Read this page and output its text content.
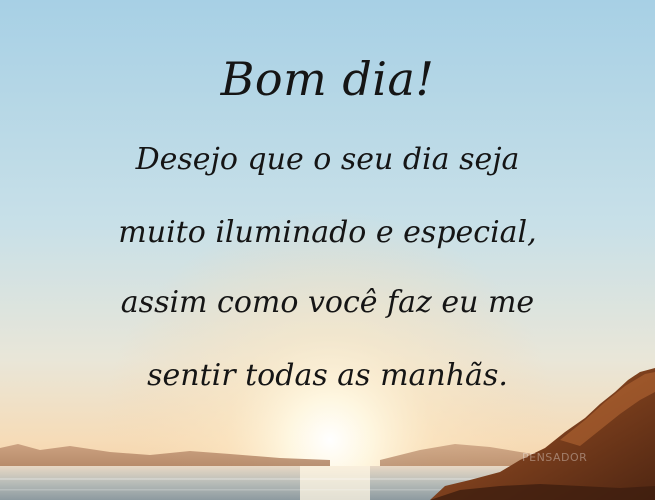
Bom dia!
Desejo que o seu dia seja
muito iluminado e especial,
assim como você faz eu me
sentir todas as manhãs.
PENSADOR
